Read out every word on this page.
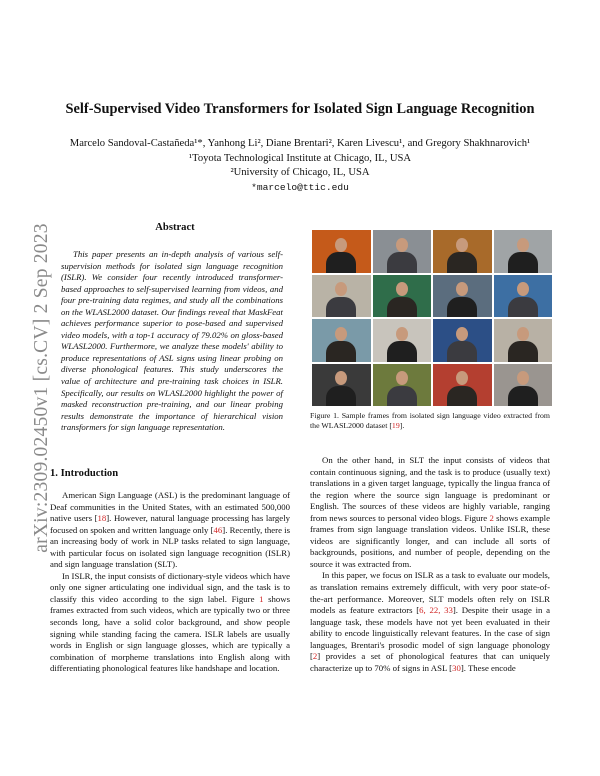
Self-Supervised Video Transformers for Isolated Sign Language Recognition
Marcelo Sandoval-Castañeda¹*, Yanhong Li², Diane Brentari², Karen Livescu¹, and Gregory Shakhnarovich¹
¹Toyota Technological Institute at Chicago, IL, USA
²University of Chicago, IL, USA
*marcelo@ttic.edu
arXiv:2309.02450v1 [cs.CV] 2 Sep 2023	Abstract

This paper presents an in-depth analysis of various self-supervision methods for isolated sign language recognition (ISLR). We consider four recently introduced transformer-based approaches to self-supervised learning from videos, and four pre-training data regimes, and study all the combinations on the WLASL2000 dataset. Our findings reveal that MaskFeat achieves performance superior to pose-based and supervised video models, with a top-1 accuracy of 79.02% on gloss-based WLASL2000. Furthermore, we analyze these models' ability to produce representations of ASL signs using linear probing on diverse phonological features. This study underscores the value of architecture and pre-training task choices in ISLR. Specifically, our results on WLASL2000 highlight the power of masked reconstruction pre-training, and our linear probing results demonstrate the importance of hierarchical vision transformers for sign language representation.

1. Introduction

American Sign Language (ASL) is the predominant language of Deaf communities in the United States, with an estimated 500,000 native users [18]. However, natural language processing has largely focused on spoken and written language only [46]. Recently, there is an increasing body of work in NLP tasks related to sign language, with particular focus on isolated sign language recognition (ISLR) and sign language translation (SLT).

In ISLR, the input consists of dictionary-style videos which have only one signer articulating one individual sign, and the task is to classify this video according to the sign label. Figure 1 shows frames extracted from such videos, which are typically two or three seconds long, have a solid color background, and show people signing while standing facing the camera. ISLR labels are usually words in English or sign language glosses, which are typically a combination of morpheme translations into English along with differentiating phonological features like handshape and location.

Figure 1. Sample frames from isolated sign language video extracted from the WLASL2000 dataset [19].

On the other hand, in SLT the input consists of videos that contain continuous signing, and the task is to produce (usually text) translations in a given target language, typically the lingua franca of the region where the source sign language is predominant or English. The sources of these videos are highly variable, ranging from news sources to personal video blogs. Figure 2 shows example frames from sign language translation videos. Unlike ISLR, these videos are significantly longer, and can include all sorts of backgrounds, positions, and number of people, depending on the source it was extracted from.

In this paper, we focus on ISLR as a task to evaluate our models, as translation remains extremely difficult, with very poor state-of-the-art performance. Moreover, SLT models often rely on ISLR models as feature extractors [6, 22, 33]. Despite their usage in a language task, these models have not yet been evaluated in their ability to encode linguistically relevant features. In the case of sign languages, Brentari's prosodic model of sign language phonology [2] provides a set of phonological features that can uniquely characterize up to 70% of signs in ASL [30]. These encode
